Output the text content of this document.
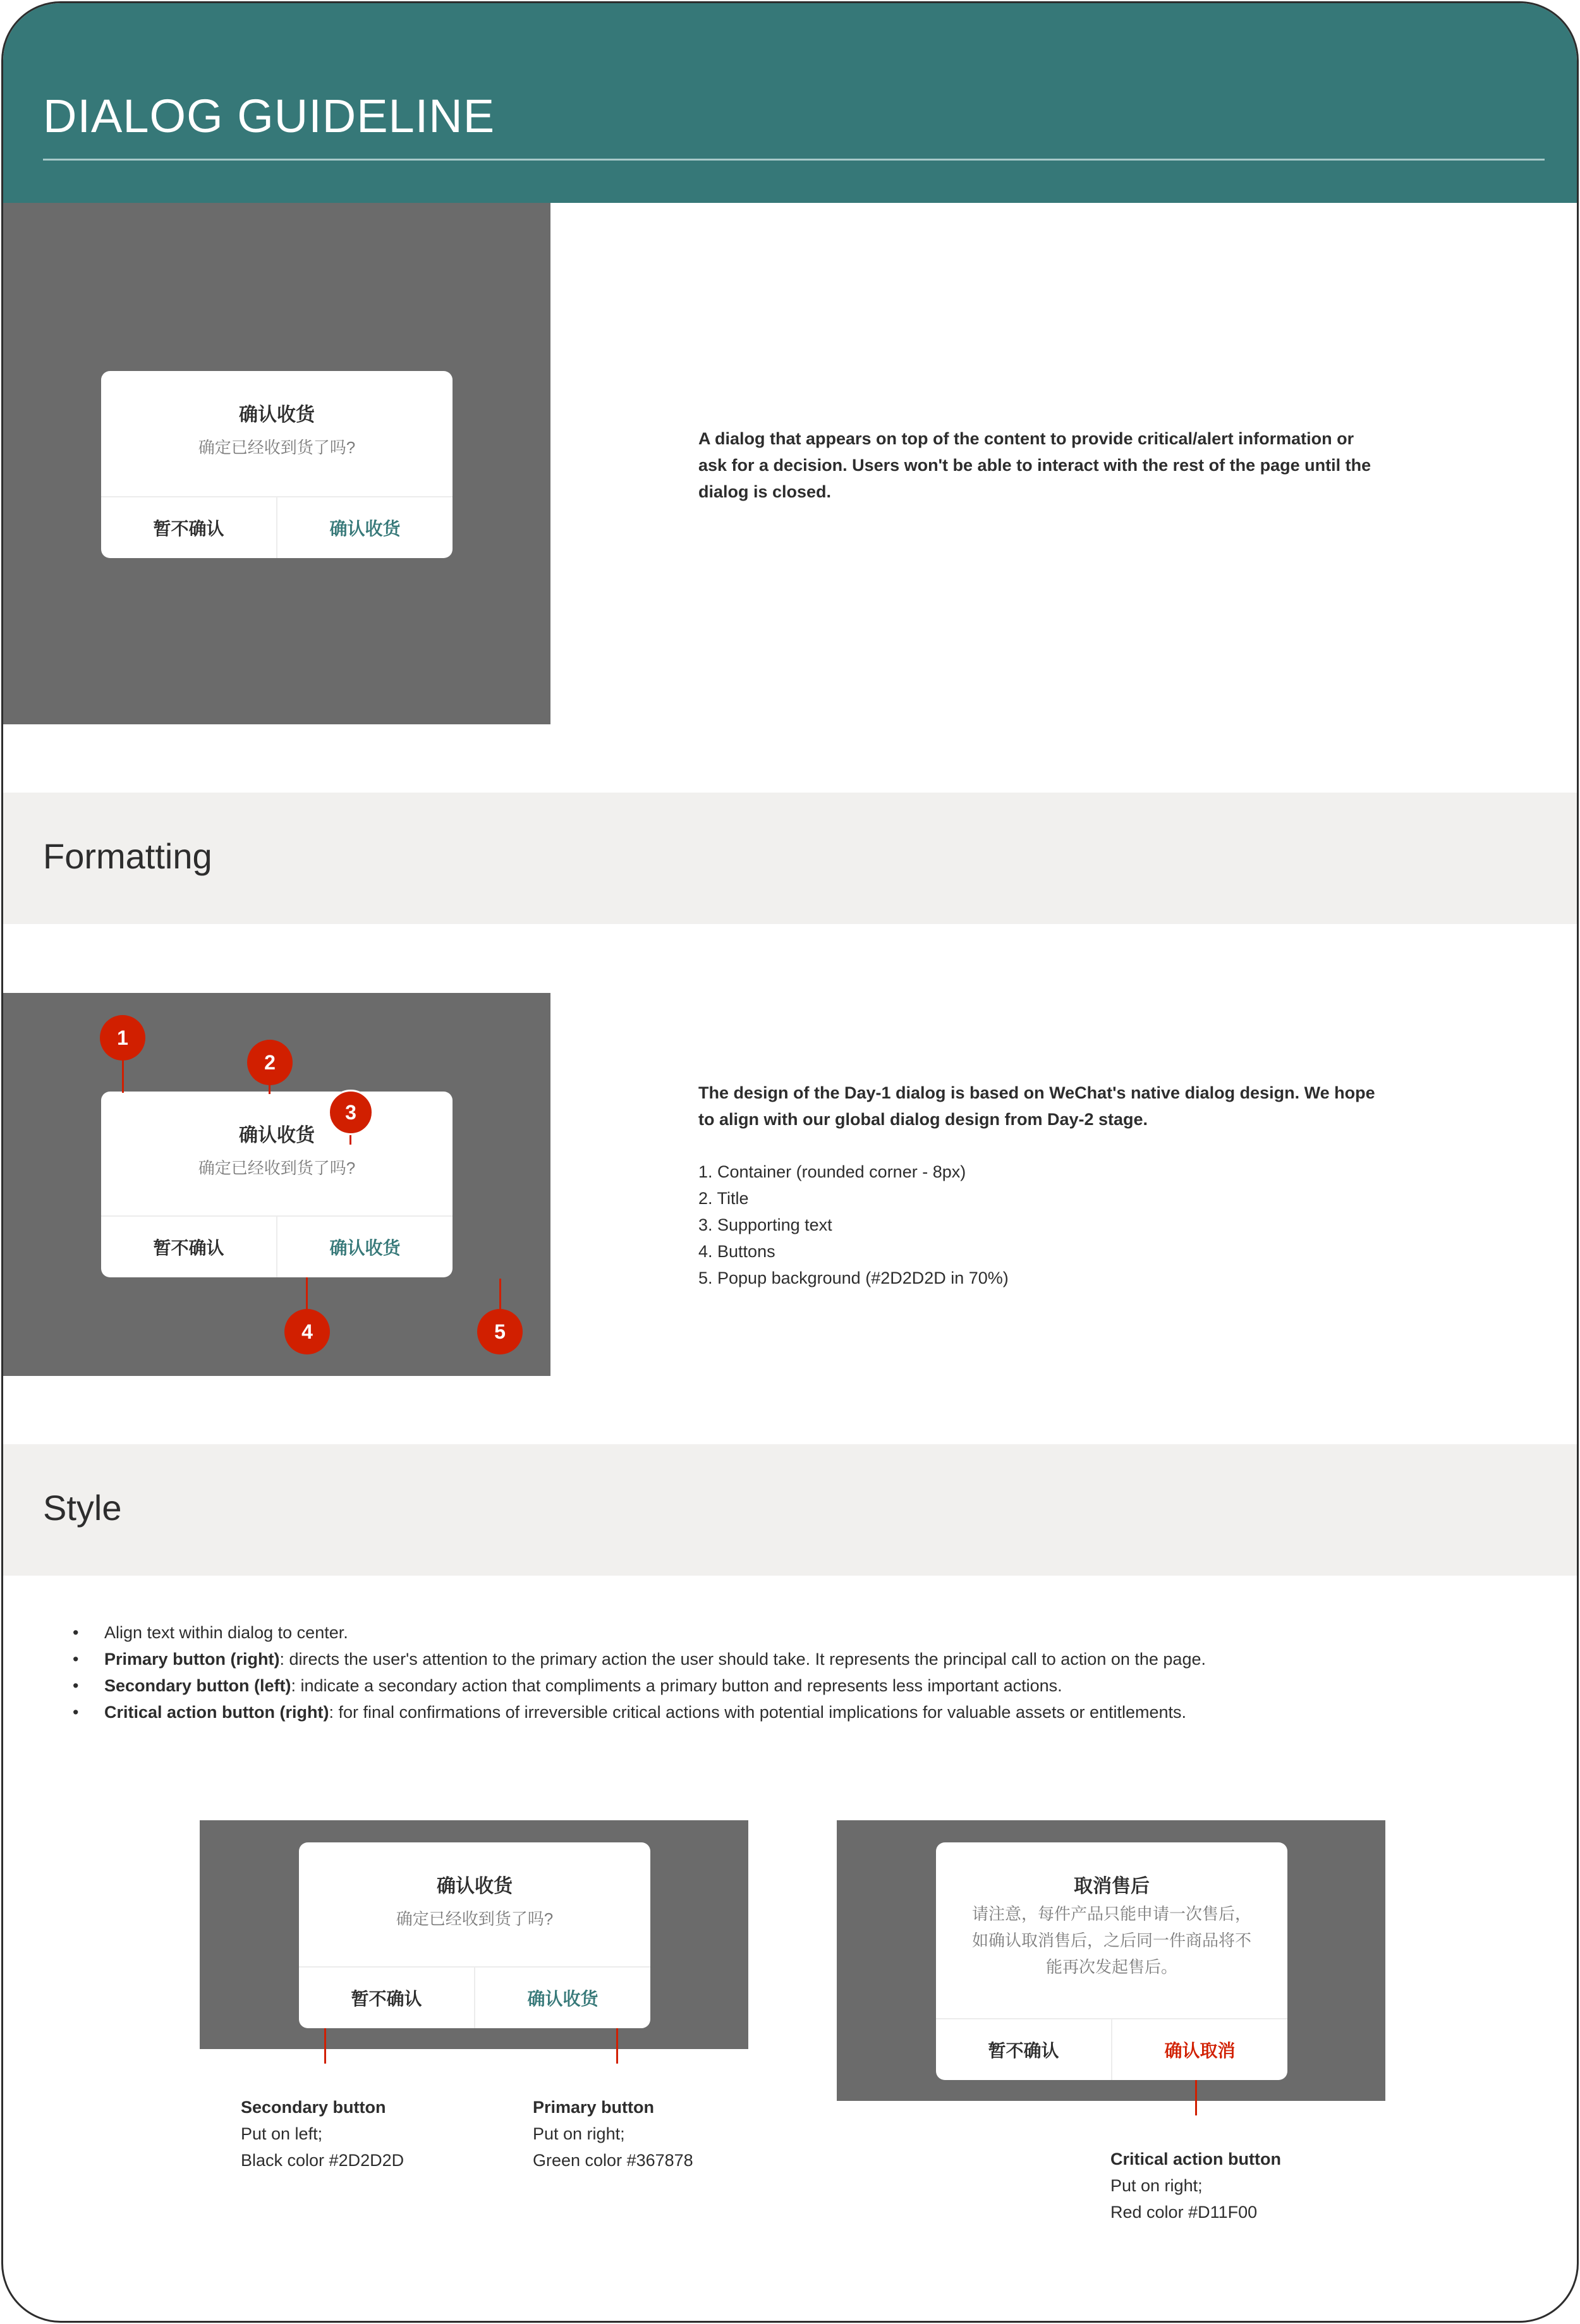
DIALOG GUIDELINE
确认收货
确定已经收到货了吗?
暂不确认	确认收货
A dialog that appears on top of the content to provide critical/alert information or ask for a decision. Users won't be able to interact with the rest of the page until the dialog is closed.
Formatting
确认收货
确定已经收到货了吗?
暂不确认	确认收货
1
2
3
4	5
The design of the Day-1 dialog is based on WeChat's native dialog design. We hope to align with our global dialog design from Day-2 stage.
1. Container (rounded corner - 8px)
2. Title
3. Supporting text
4. Buttons
5. Popup background (#2D2D2D in 70%)
Style
• Align text within dialog to center.
• Primary button (right): directs the user's attention to the primary action the user should take. It represents the principal call to action on the page.
• Secondary button (left): indicate a secondary action that compliments a primary button and represents less important actions.
• Critical action button (right): for final confirmations of irreversible critical actions with potential implications for valuable assets or entitlements.
确认收货
确定已经收到货了吗?
暂不确认	确认收货
Secondary button
Put on left;
Black color #2D2D2D
Primary button
Put on right;
Green color #367878
取消售后
请注意，每件产品只能申请一次售后，如确认取消售后，之后同一件商品将不能再次发起售后。
暂不确认	确认取消
Critical action button
Put on right;
Red color #D11F00
